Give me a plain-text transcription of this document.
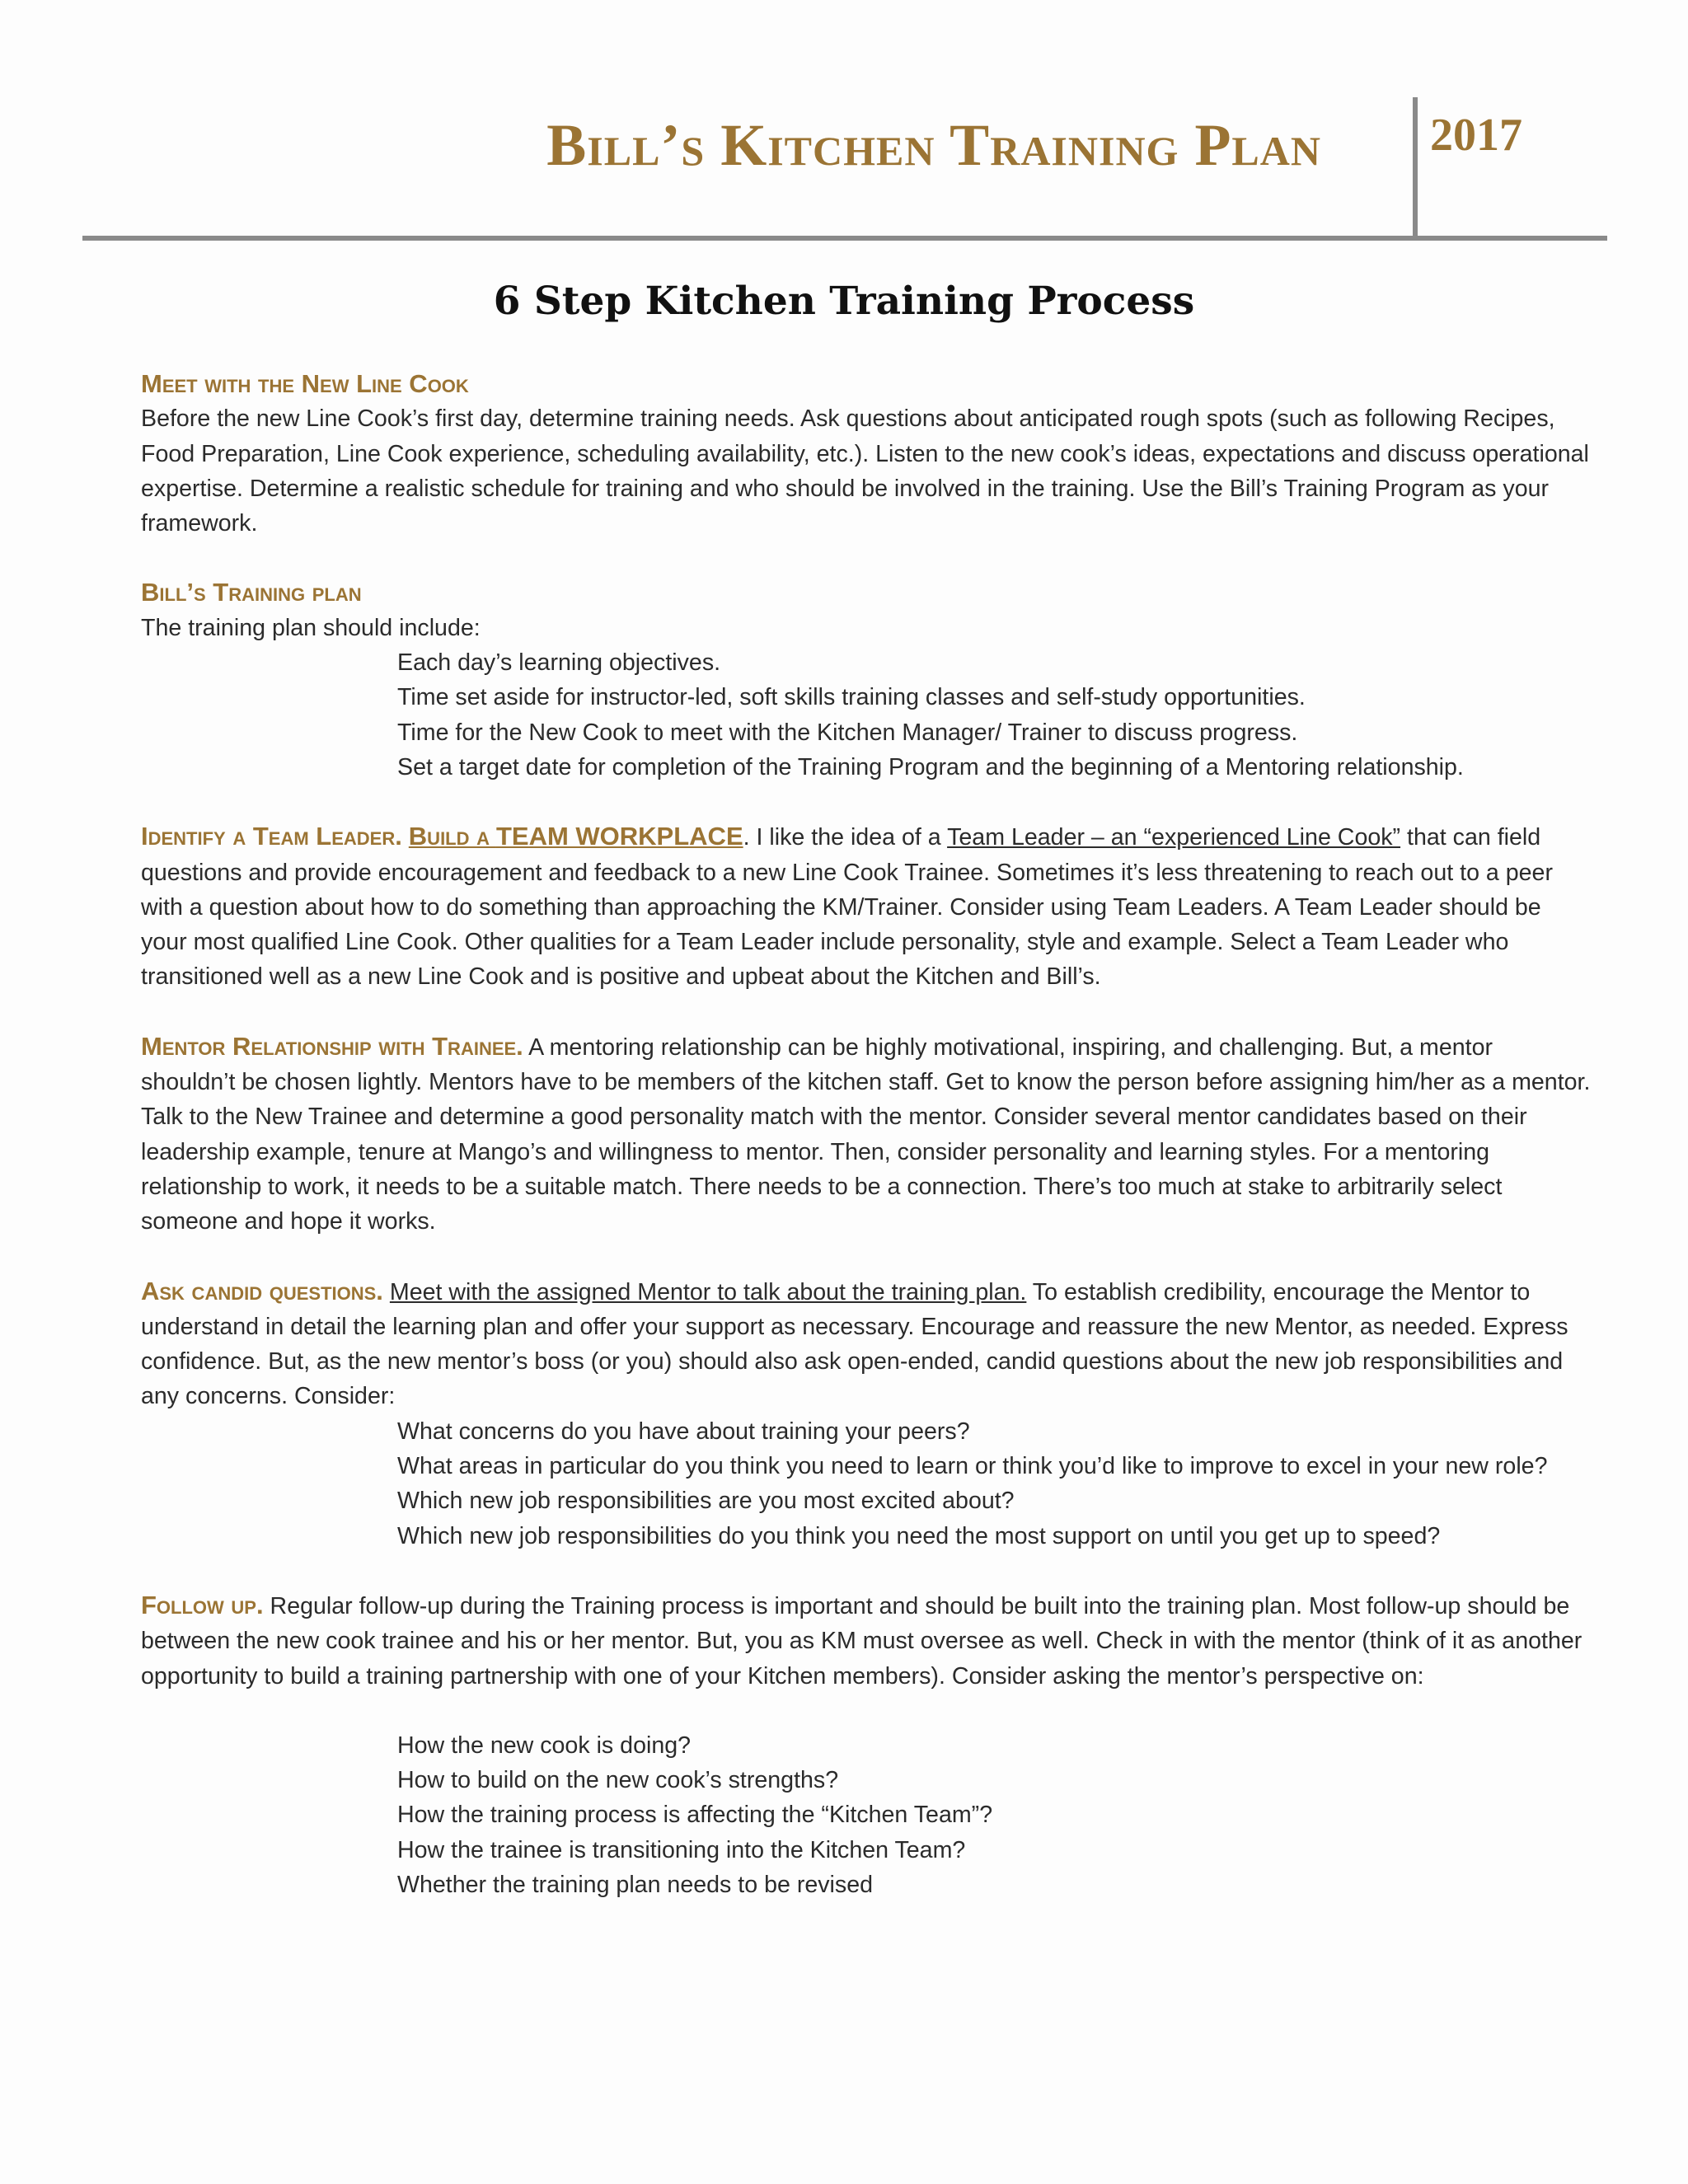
Bill’s Kitchen Training Plan 2017
6 Step Kitchen Training Process

Meet with the New Line Cook

Before the new Line Cook’s first day, determine training needs. Ask questions about anticipated rough spots (such as following Recipes, Food Preparation, Line Cook experience, scheduling availability, etc.). Listen to the new cook’s ideas, expectations and discuss operational expertise. Determine a realistic schedule for training and who should be involved in the training. Use the Bill’s Training Program as your framework.

Bill’s Training plan

The training plan should include:

Each day’s learning objectives.

Time set aside for instructor-led, soft skills training classes and self-study opportunities.

Time for the New Cook to meet with the Kitchen Manager/ Trainer to discuss progress.

Set a target date for completion of the Training Program and the beginning of a Mentoring relationship.

Identify a Team Leader. Build a TEAM WORKPLACE. I like the idea of a Team Leader – an “experienced Line Cook” that can field questions and provide encouragement and feedback to a new Line Cook Trainee. Sometimes it’s less threatening to reach out to a peer with a question about how to do something than approaching the KM/Trainer. Consider using Team Leaders. A Team Leader should be your most qualified Line Cook. Other qualities for a Team Leader include personality, style and example. Select a Team Leader who transitioned well as a new Line Cook and is positive and upbeat about the Kitchen and Bill’s.

Mentor Relationship with Trainee. A mentoring relationship can be highly motivational, inspiring, and challenging. But, a mentor shouldn’t be chosen lightly. Mentors have to be members of the kitchen staff. Get to know the person before assigning him/her as a mentor. Talk to the New Trainee and determine a good personality match with the mentor. Consider several mentor candidates based on their leadership example, tenure at Mango’s and willingness to mentor. Then, consider personality and learning styles. For a mentoring relationship to work, it needs to be a suitable match. There needs to be a connection. There’s too much at stake to arbitrarily select someone and hope it works.

Ask candid questions. Meet with the assigned Mentor to talk about the training plan. To establish credibility, encourage the Mentor to understand in detail the learning plan and offer your support as necessary. Encourage and reassure the new Mentor, as needed. Express confidence. But, as the new mentor’s boss (or you) should also ask open-ended, candid questions about the new job responsibilities and any concerns. Consider:

What concerns do you have about training your peers?

What areas in particular do you think you need to learn or think you’d like to improve to excel in your new role?

Which new job responsibilities are you most excited about?

Which new job responsibilities do you think you need the most support on until you get up to speed?

Follow up. Regular follow-up during the Training process is important and should be built into the training plan. Most follow-up should be between the new cook trainee and his or her mentor. But, you as KM must oversee as well. Check in with the mentor (think of it as another opportunity to build a training partnership with one of your Kitchen members). Consider asking the mentor’s perspective on:

How the new cook is doing?

How to build on the new cook’s strengths?

How the training process is affecting the “Kitchen Team”?

How the trainee is transitioning into the Kitchen Team?

Whether the training plan needs to be revised
